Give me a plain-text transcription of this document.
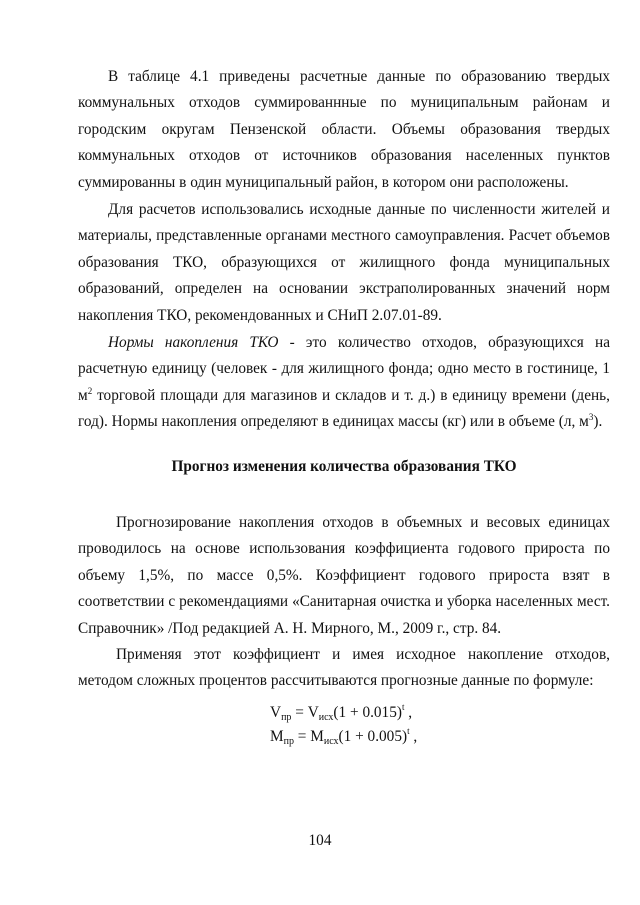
В таблице 4.1 приведены расчетные данные по образованию твердых коммунальных отходов суммированнные по муниципальным районам и городским округам Пензенской области. Объемы образования твердых коммунальных отходов от источников образования населенных пунктов суммированны в один муниципальный район, в котором они расположены.

Для расчетов использовались исходные данные по численности жителей и материалы, представленные органами местного самоуправления. Расчет объемов образования ТКО, образующихся от жилищного фонда муниципальных образований, определен на основании экстраполированных значений норм накопления ТКО, рекомендованных и СНиП 2.07.01-89.

Нормы накопления ТКО - это количество отходов, образующихся на расчетную единицу (человек - для жилищного фонда; одно место в гостинице, 1 $м^2$ торговой площади для магазинов и складов и т. д.) в единицу времени (день, год). Нормы накопления определяют в единицах массы (кг) или в объеме (л, $м^3$).

Прогноз изменения количества образования ТКО

Прогнозирование накопления отходов в объемных и весовых единицах проводилось на основе использования коэффициента годового прироста по объему 1,5%, по массе 0,5%. Коэффициент годового прироста взят в соответствии с рекомендациями «Санитарная очистка и уборка населенных мест. Справочник» /Под редакцией А. Н. Мирного, М., 2009 г., стр. 84.

Применяя этот коэффициент и имея исходное накопление отходов, методом сложных процентов рассчитываются прогнозные данные по формуле:

$V_{пр} = V_{исх}(1 + 0.015)^t$ ,
$M_{пр} = M_{исх}(1 + 0.005)^t$ ,
104
